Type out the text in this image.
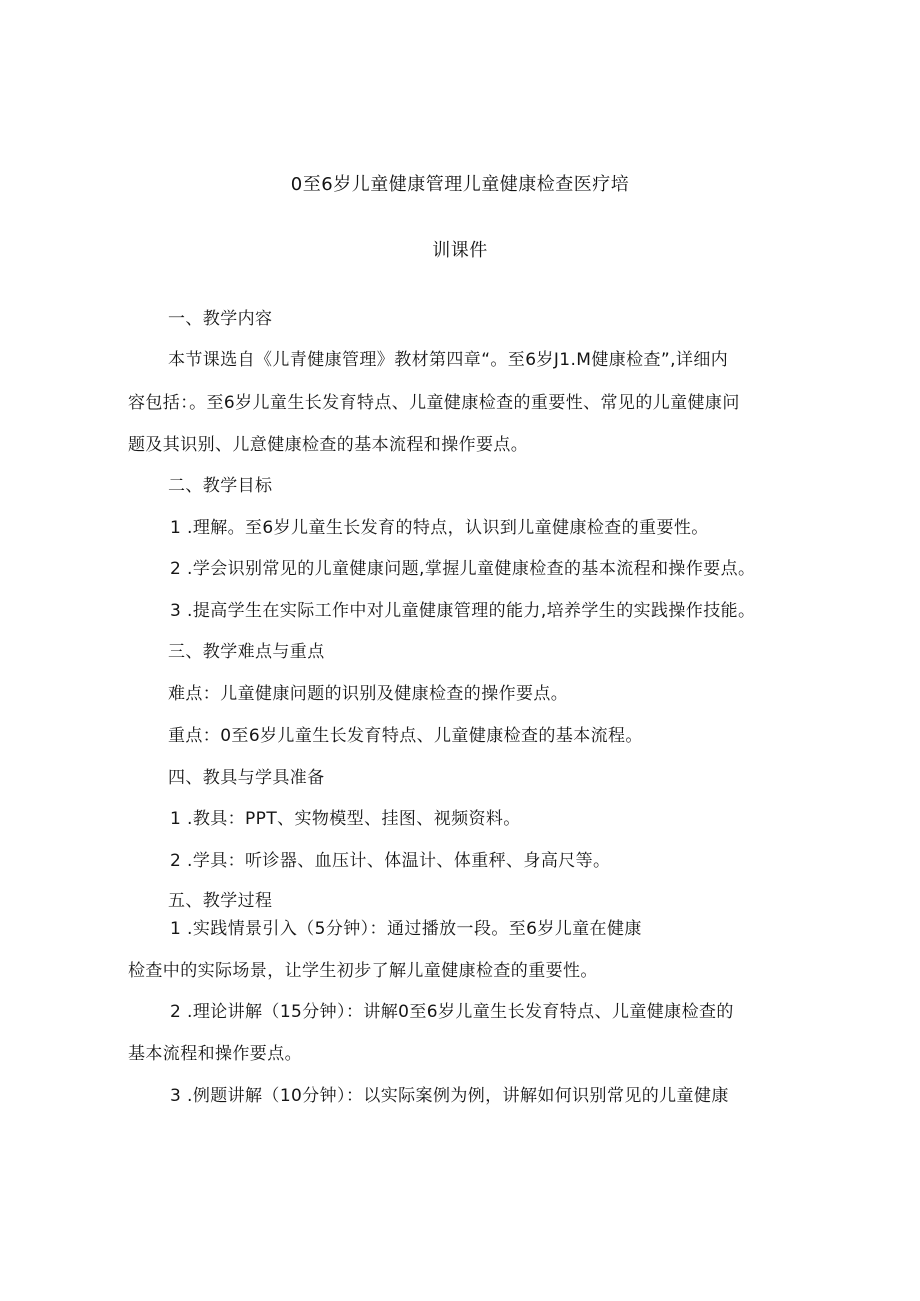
0至6岁儿童健康管理儿童健康检查医疗培
训课件
一、教学内容
本节课选自《儿青健康管理》教材第四章“。至6岁J1.M健康检查”,详细内
容包括：。至6岁儿童生长发育特点、儿童健康检查的重要性、常见的儿童健康问
题及其识别、儿意健康检查的基本流程和操作要点。
二、教学目标
1 .理解。至6岁儿童生长发育的特点，认识到儿童健康检查的重要性。
2 .学会识别常见的儿童健康问题,掌握儿童健康检查的基本流程和操作要点。
3 .提高学生在实际工作中对儿童健康管理的能力,培养学生的实践操作技能。
三、教学难点与重点
难点：儿童健康问题的识别及健康检查的操作要点。
重点：0至6岁儿童生长发育特点、儿童健康检查的基本流程。
四、教具与学具准备
1 .教具：PPT、实物模型、挂图、视频资料。
2 .学具：听诊器、血压计、体温计、体重秤、身高尺等。
五、教学过程
1 .实践情景引入（5分钟）：通过播放一段。至6岁儿童在健康
检查中的实际场景，让学生初步了解儿童健康检查的重要性。
2 .理论讲解（15分钟）：讲解0至6岁儿童生长发育特点、儿童健康检查的
基本流程和操作要点。
3 .例题讲解（10分钟）：以实际案例为例，讲解如何识别常见的儿童健康
